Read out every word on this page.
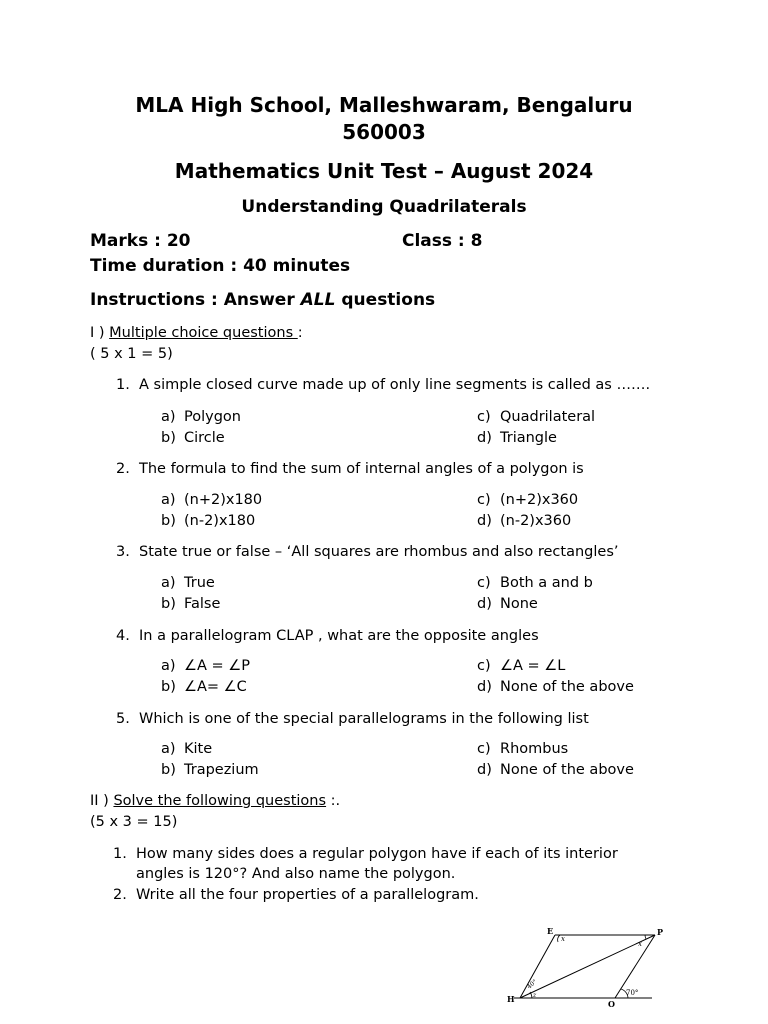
MLA High School, Malleshwaram, Bengaluru
560003
Mathematics Unit Test – August 2024
Understanding Quadrilaterals
Marks : 20	Class : 8
Time duration : 40 minutes
Instructions : Answer ALL questions
I ) Multiple choice questions :
( 5 x 1 = 5)
1. A simple closed curve made up of only line segments is called as …….
a) Polygon
b) Circle
c) Quadrilateral
d) Triangle
2. The formula to find the sum of internal angles of a polygon is
a) (n+2)x180
b) (n-2)x180
c) (n+2)x360
d) (n-2)x360
3. State true or false – ‘All squares are rhombus and also rectangles’
a) True
b) False
c) Both a and b
d) None
4. In a parallelogram CLAP , what are the opposite angles
a) ∠A = ∠P
b) ∠A= ∠C
c) ∠A = ∠L
d) None of the above
5. Which is one of the special parallelograms in the following list
a) Kite
b) Trapezium
c) Rhombus
d) None of the above
II ) Solve the following questions :.
(5 x 3 = 15)
1. How many sides does a regular polygon have if each of its interior
angles is 120°? And also name the polygon.
2. Write all the four properties of a parallelogram.
E	P
H	O
x
x
40°
z	70°
